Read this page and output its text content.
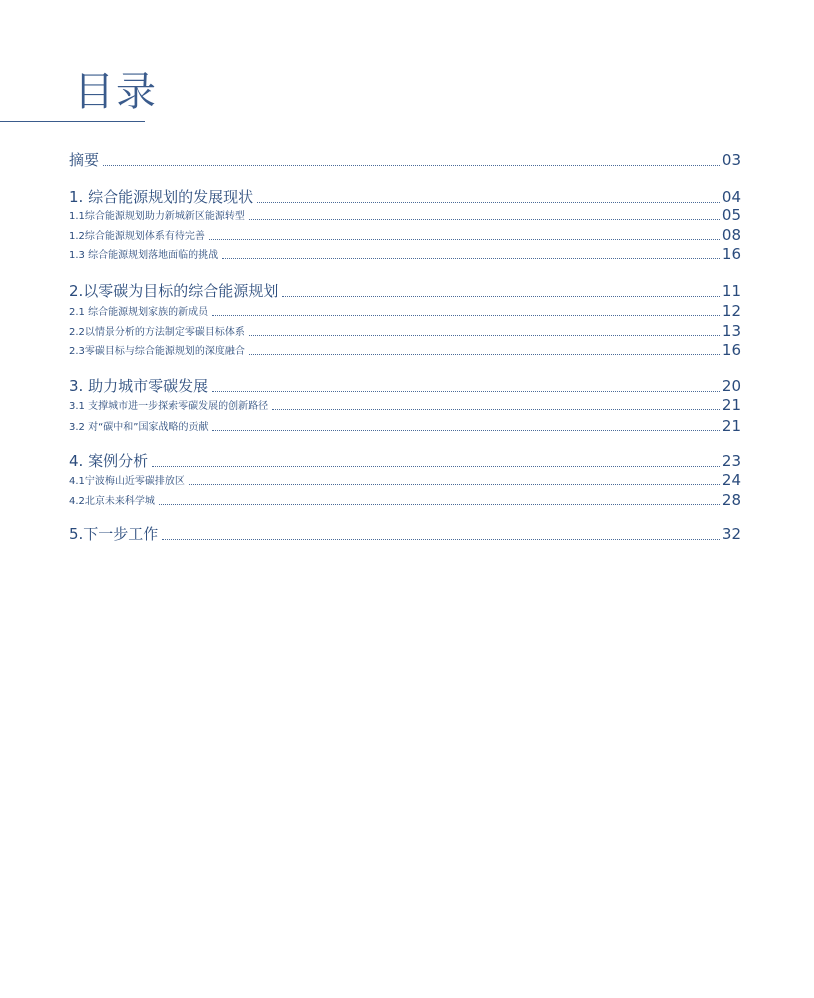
目录
摘要	03
1. 综合能源规划的发展现状	04
1.1综合能源规划助力新城新区能源转型	05
1.2综合能源规划体系有待完善	08
1.3 综合能源规划落地面临的挑战	16
2.以零碳为目标的综合能源规划	11
2.1 综合能源规划家族的新成员	12
2.2以情景分析的方法制定零碳目标体系	13
2.3零碳目标与综合能源规划的深度融合	16
3. 助力城市零碳发展	20
3.1 支撑城市进一步探索零碳发展的创新路径	21
3.2 对“碳中和”国家战略的贡献	21
4. 案例分析	23
4.1宁波梅山近零碳排放区	24
4.2北京未来科学城	28
5.下一步工作	32
